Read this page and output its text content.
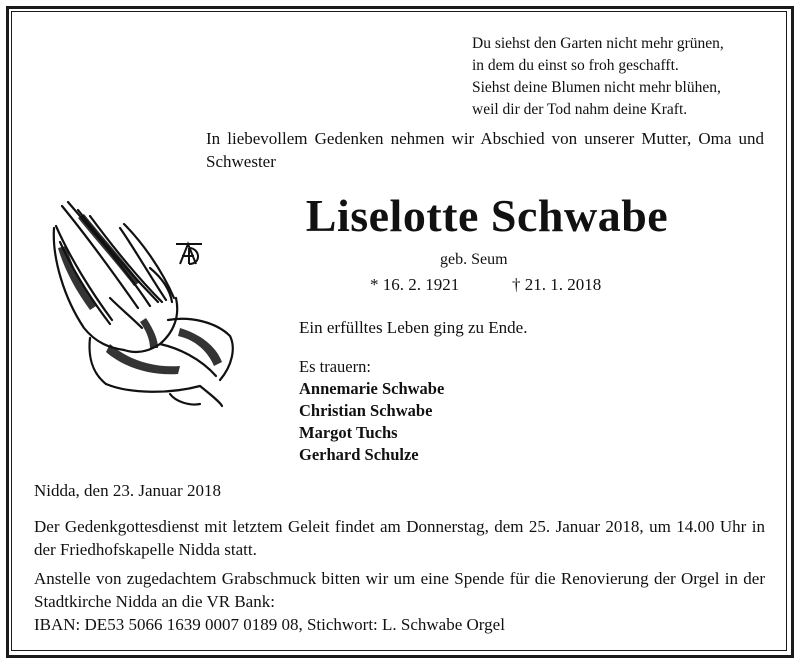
Du siehst den Garten nicht mehr grünen,
in dem du einst so froh geschafft.
Siehst deine Blumen nicht mehr blühen,
weil dir der Tod nahm deine Kraft.
In liebevollem Gedenken nehmen wir Abschied von unserer Mutter, Oma und Schwester
Liselotte Schwabe
geb. Seum
* 16. 2. 1921	† 21. 1. 2018
Ein erfülltes Leben ging zu Ende.
Es trauern:
Annemarie Schwabe
Christian Schwabe
Margot Tuchs
Gerhard Schulze
Nidda, den 23. Januar 2018
Der Gedenkgottesdienst mit letztem Geleit findet am Donnerstag, dem 25. Januar 2018, um 14.00 Uhr in der Friedhofskapelle Nidda statt.
Anstelle von zugedachtem Grabschmuck bitten wir um eine Spende für die Renovierung der Orgel in der Stadtkirche Nidda an die VR Bank:
IBAN: DE53 5066 1639 0007 0189 08, Stichwort: L. Schwabe Orgel
